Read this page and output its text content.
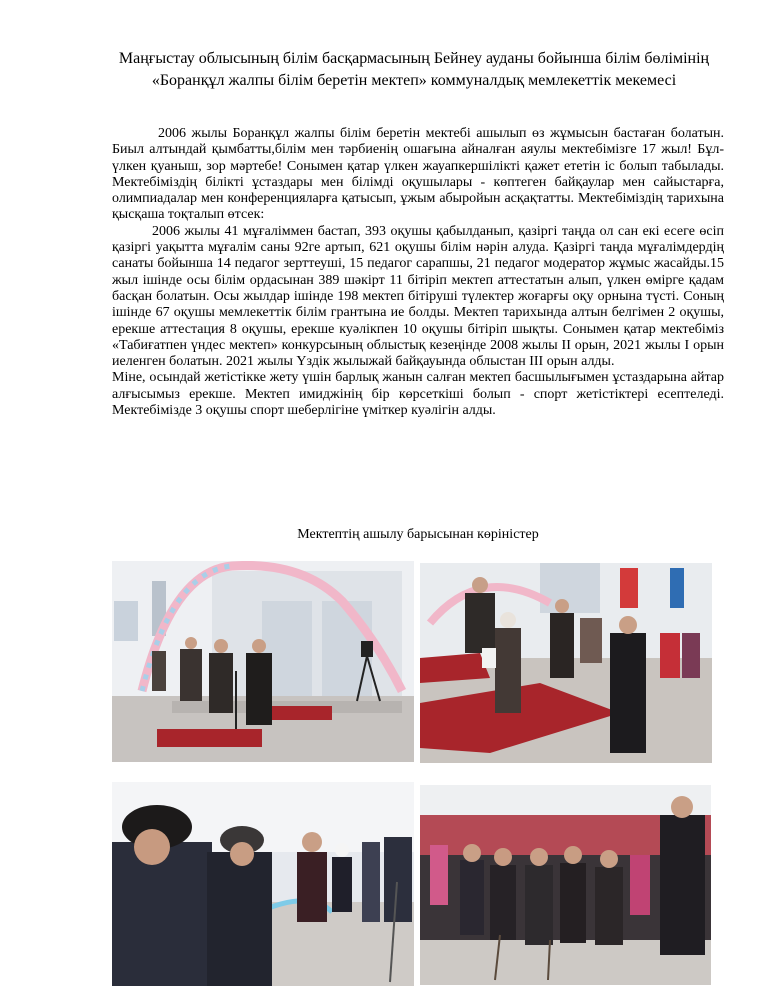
Маңғыстау облысының білім басқармасының Бейнеу ауданы бойынша білім бөлімінің «Боранқұл жалпы білім беретін мектеп» коммуналдық мемлекеттік мекемесі

2006 жылы Боранқұл жалпы білім беретін мектебі ашылып өз жұмысын бастаған болатын. Биыл алтындай қымбатты,білім мен тәрбиенің ошағына айналған аяулы мектебімізге 17 жыл! Бұл-үлкен қуаныш, зор мәртебе! Сонымен қатар үлкен жауапкершілікті қажет ететін іс болып табылады. Мектебіміздің білікті ұстаздары мен білімді оқушылары - көптеген байқаулар мен сайыстарға, олимпиадалар мен конференцияларға қатысып, ұжым абыройын асқақтатты. Мектебіміздің тарихына қысқаша тоқталып өтсек:

2006 жылы 41 мұғаліммен бастап, 393 оқушы қабылданып, қазіргі таңда ол сан екі есеге өсіп қазіргі уақытта мұғалім саны 92ге артып, 621 оқушы білім нәрін алуда. Қазіргі таңда мұғалімдердің санаты бойынша 14 педагог зерттеуші, 15 педагог сарапшы, 21 педагог модератор жұмыс жасайды.15 жыл ішінде осы білім ордасынан 389 шәкірт 11 бітіріп мектеп аттестатын алып, үлкен өмірге қадам басқан болатын. Осы жылдар ішінде 198 мектеп бітіруші түлектер жоғарғы оқу орнына түсті. Соның ішінде 67 оқушы мемлекеттік білім грантына ие болды. Мектеп тарихында алтын белгімен 2 оқушы, ерекше аттестация 8 оқушы, ерекше куәлікпен 10 оқушы бітіріп шықты. Сонымен қатар мектебіміз «Табиғатпен үндес мектеп» конкурсының облыстық кезеңінде 2008 жылы II орын, 2021 жылы I орын иеленген болатын. 2021 жылы Үздік жылыжай байқауында облыстан III орын алды.

Міне, осындай жетістікке жету үшін барлық жанын салған мектеп басшылығымен ұстаздарына айтар алғысымыз ерекше. Мектеп имиджінің бір көрсеткіші болып - спорт жетістіктері есептеледі. Мектебімізде 3 оқушы спорт шеберлігіне үміткер куәлігін алды.

Мектептің ашылу барысынан көріністер
